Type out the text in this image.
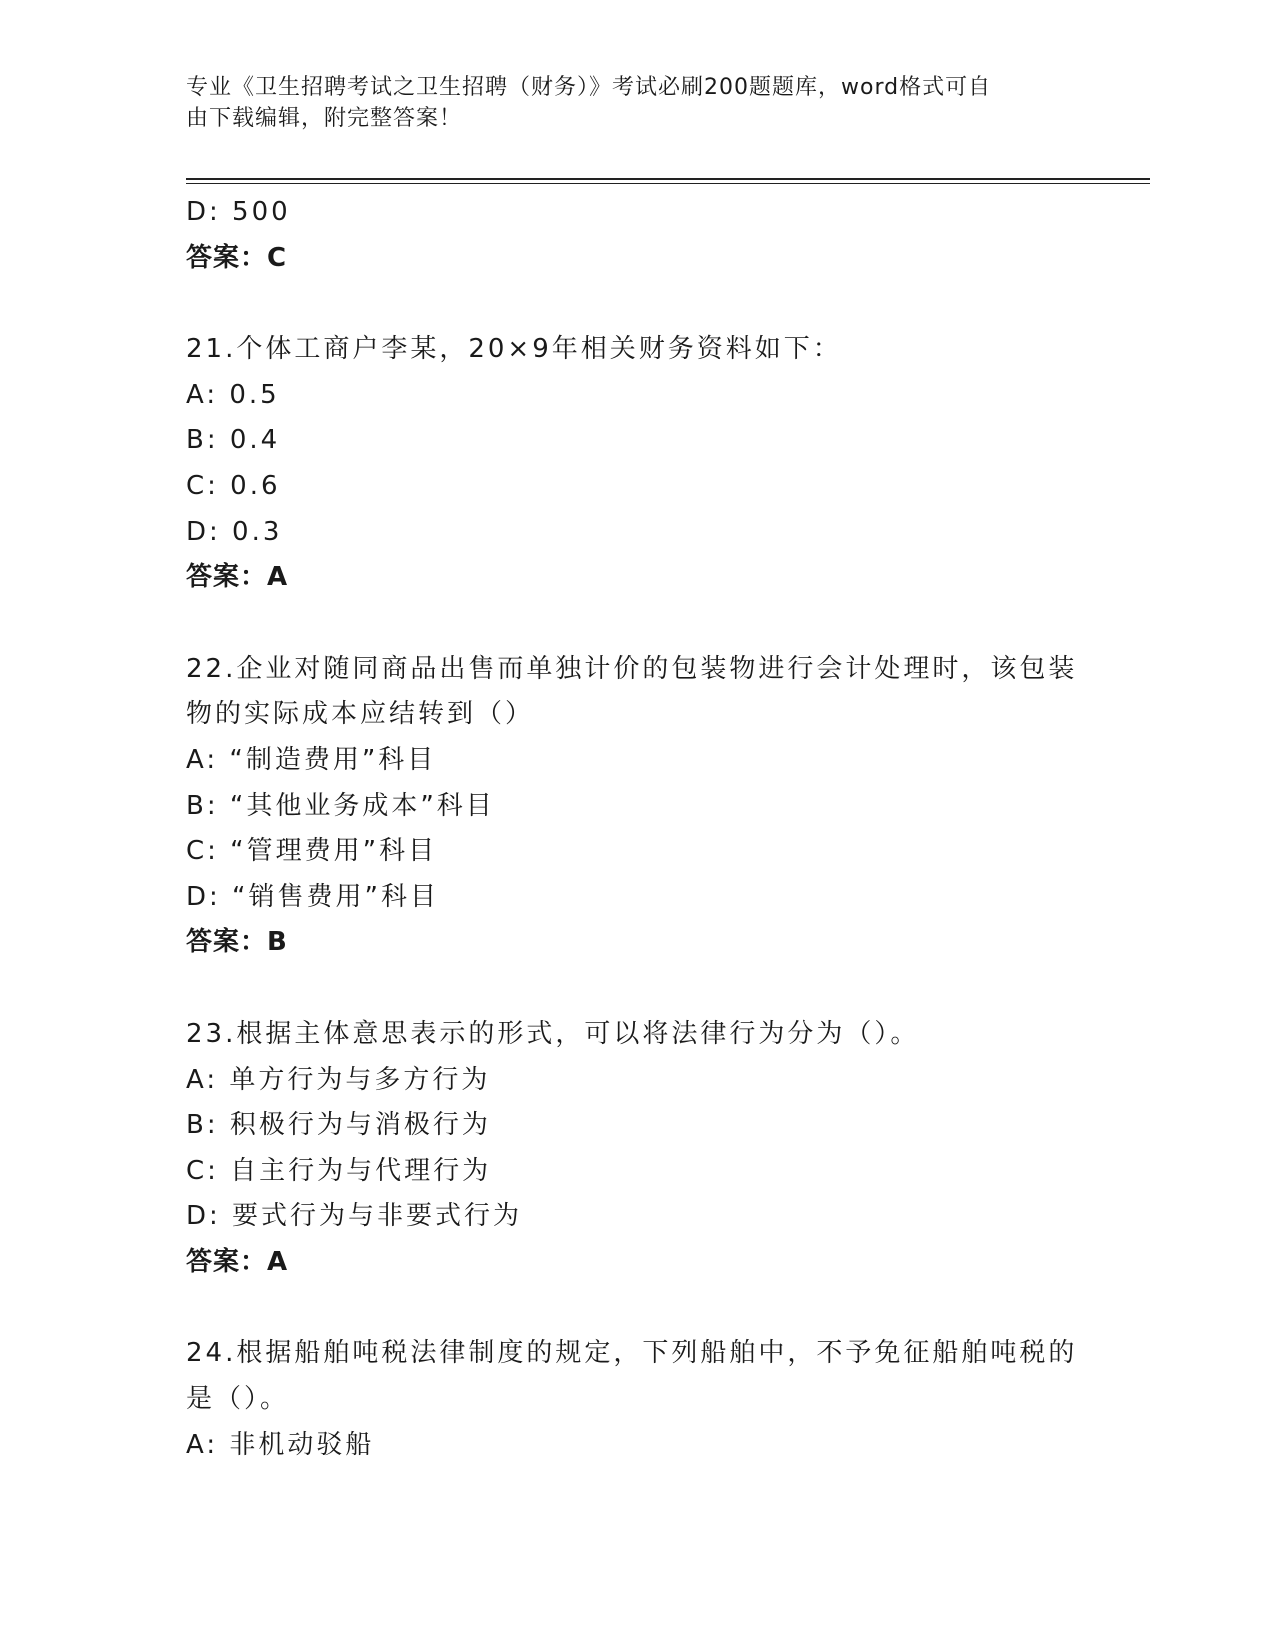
专业《卫生招聘考试之卫生招聘（财务）》考试必刷200题题库，word格式可自
由下载编辑，附完整答案！
D: 500
答案：C
21.个体工商户李某，20×9年相关财务资料如下：
A: 0.5
B: 0.4
C: 0.6
D: 0.3
答案：A
22.企业对随同商品出售而单独计价的包装物进行会计处理时，该包装
物的实际成本应结转到（）
A: “制造费用”科目
B: “其他业务成本”科目
C: “管理费用”科目
D: “销售费用”科目
答案：B
23.根据主体意思表示的形式，可以将法律行为分为（）。
A: 单方行为与多方行为
B: 积极行为与消极行为
C: 自主行为与代理行为
D: 要式行为与非要式行为
答案：A
24.根据船舶吨税法律制度的规定，下列船舶中，不予免征船舶吨税的
是（）。
A: 非机动驳船
